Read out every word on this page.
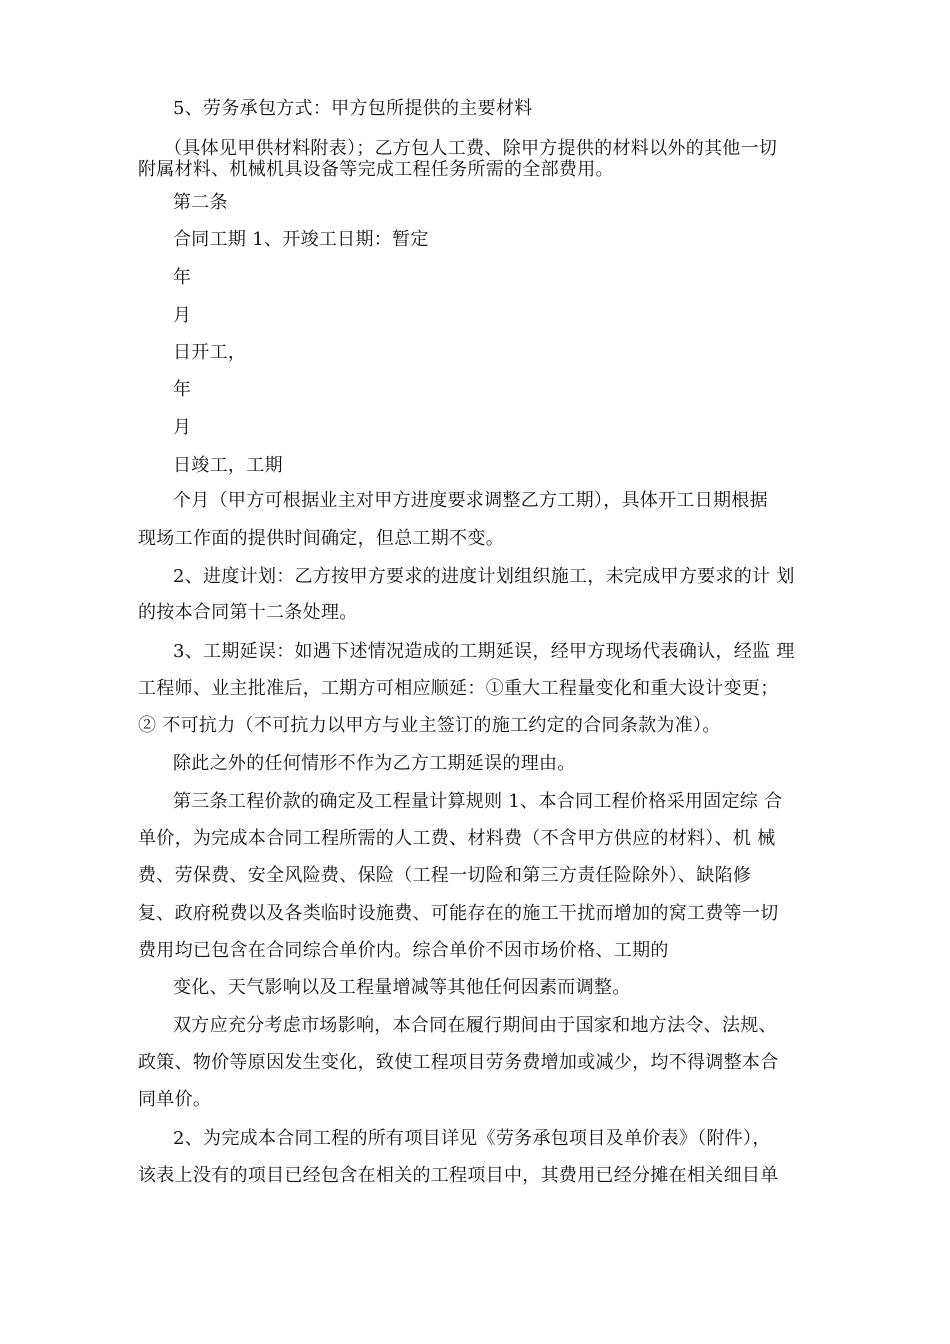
5、劳务承包方式：甲方包所提供的主要材料
（具体见甲供材料附表）；乙方包人工费、除甲方提供的材料以外的其他一切
附属材料、机械机具设备等完成工程任务所需的全部费用。
第二条
合同工期 1、开竣工日期：暂定
年
月
日开工，
年
月
日竣工，工期
个月（甲方可根据业主对甲方进度要求调整乙方工期），具体开工日期根据
现场工作面的提供时间确定，但总工期不变。
2、进度计划：乙方按甲方要求的进度计划组织施工，未完成甲方要求的计 划
的按本合同第十二条处理。
3、工期延误：如遇下述情况造成的工期延误，经甲方现场代表确认，经监 理
工程师、业主批准后，工期方可相应顺延：①重大工程量变化和重大设计变更；
② 不可抗力（不可抗力以甲方与业主签订的施工约定的合同条款为准）。
除此之外的任何情形不作为乙方工期延误的理由。
第三条工程价款的确定及工程量计算规则 1、本合同工程价格采用固定综 合
单价，为完成本合同工程所需的人工费、材料费（不含甲方供应的材料）、机 械
费、劳保费、安全风险费、保险（工程一切险和第三方责任险除外）、缺陷修
复、政府税费以及各类临时设施费、可能存在的施工干扰而增加的窝工费等一切
费用均已包含在合同综合单价内。综合单价不因市场价格、工期的
变化、天气影响以及工程量增减等其他任何因素而调整。
双方应充分考虑市场影响，本合同在履行期间由于国家和地方法令、法规、
政策、物价等原因发生变化，致使工程项目劳务费增加或减少，均不得调整本合
同单价。
2、为完成本合同工程的所有项目详见《劳务承包项目及单价表》（附件），
该表上没有的项目已经包含在相关的工程项目中，其费用已经分摊在相关细目单
